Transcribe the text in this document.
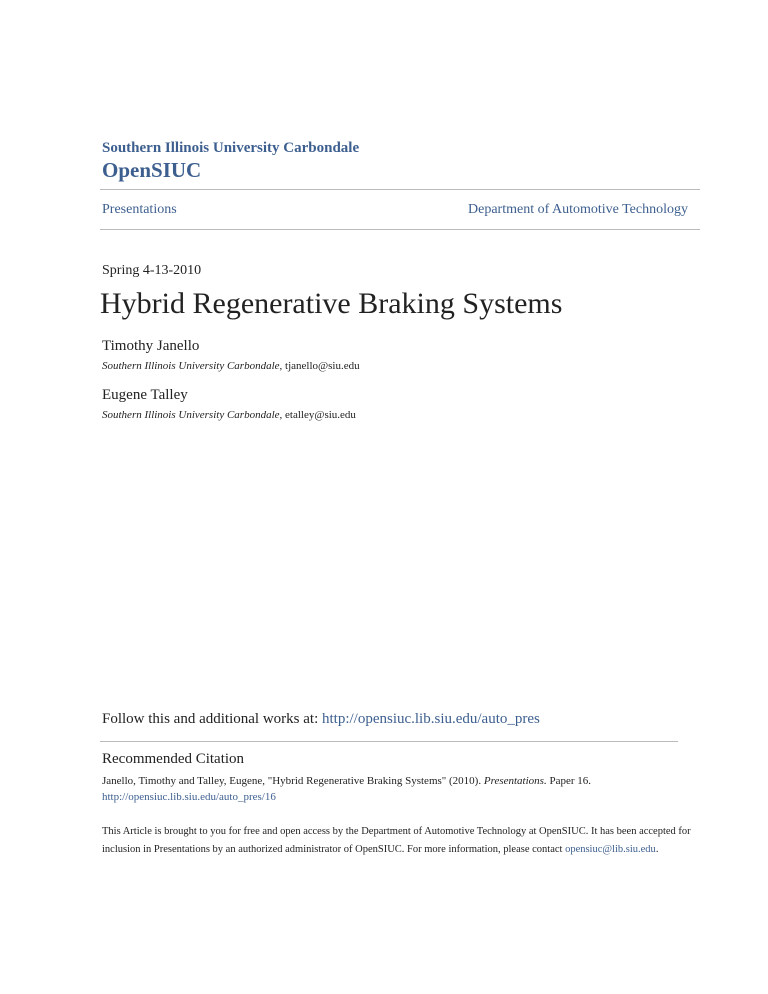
Southern Illinois University Carbondale
OpenSIUC
Presentations	Department of Automotive Technology
Spring 4-13-2010
Hybrid Regenerative Braking Systems
Timothy Janello
Southern Illinois University Carbondale, tjanello@siu.edu
Eugene Talley
Southern Illinois University Carbondale, etalley@siu.edu
Follow this and additional works at: http://opensiuc.lib.siu.edu/auto_pres
Recommended Citation
Janello, Timothy and Talley, Eugene, "Hybrid Regenerative Braking Systems" (2010). Presentations. Paper 16.
http://opensiuc.lib.siu.edu/auto_pres/16
This Article is brought to you for free and open access by the Department of Automotive Technology at OpenSIUC. It has been accepted for inclusion in Presentations by an authorized administrator of OpenSIUC. For more information, please contact opensiuc@lib.siu.edu.
